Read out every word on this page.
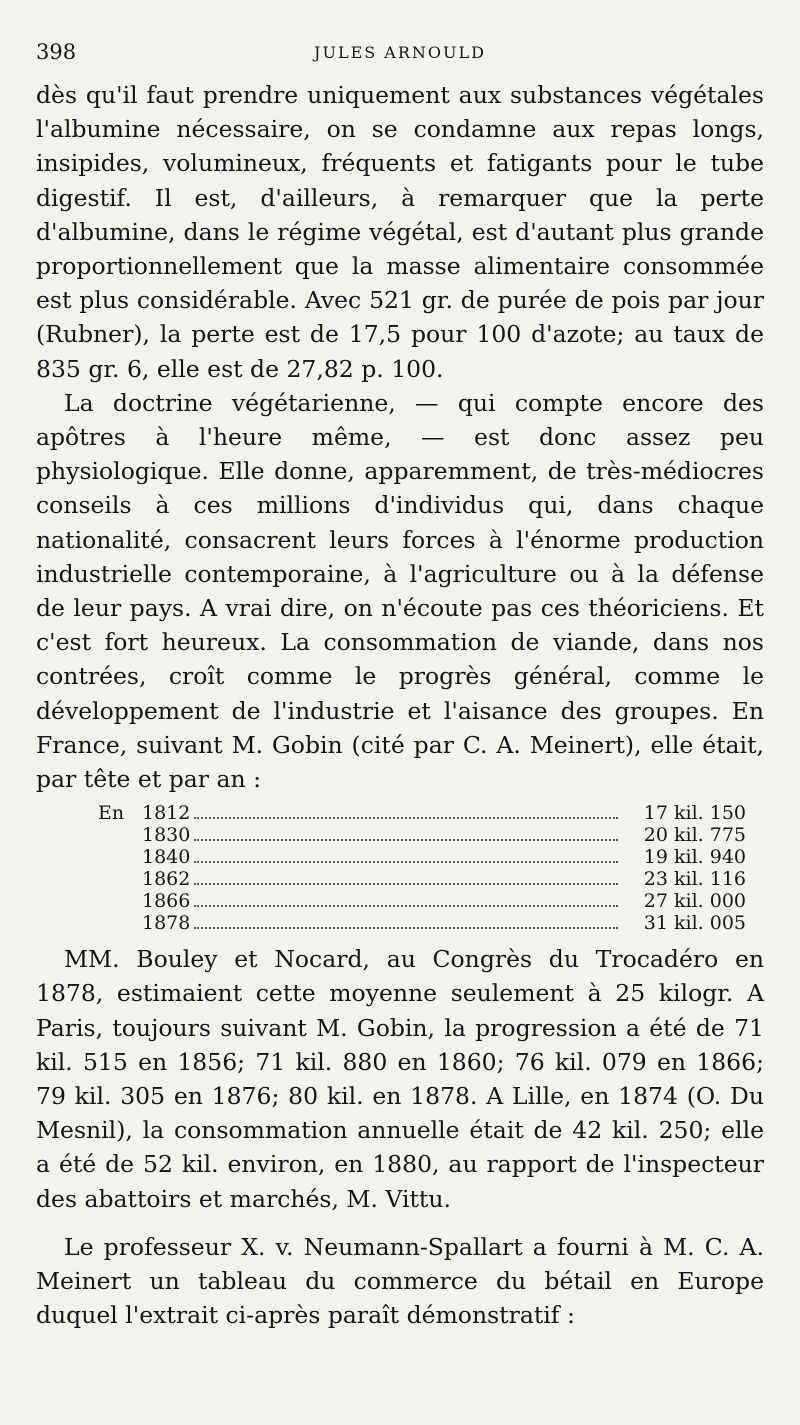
398	JULES ARNOULD

dès qu'il faut prendre uniquement aux substances végétales l'albumine nécessaire, on se condamne aux repas longs, insipides, volumineux, fréquents et fatigants pour le tube digestif. Il est, d'ailleurs, à remarquer que la perte d'albumine, dans le régime végétal, est d'autant plus grande proportionnellement que la masse alimentaire consommée est plus considérable. Avec 521 gr. de purée de pois par jour (Rubner), la perte est de 17,5 pour 100 d'azote; au taux de 835 gr. 6, elle est de 27,82 p. 100.

La doctrine végétarienne, — qui compte encore des apôtres à l'heure même, — est donc assez peu physiologique. Elle donne, apparemment, de très-médiocres conseils à ces millions d'individus qui, dans chaque nationalité, consacrent leurs forces à l'énorme production industrielle contemporaine, à l'agriculture ou à la défense de leur pays. A vrai dire, on n'écoute pas ces théoriciens. Et c'est fort heureux. La consommation de viande, dans nos contrées, croît comme le progrès général, comme le développement de l'industrie et l'aisance des groupes. En France, suivant M. Gobin (cité par C. A. Meinert), elle était, par tête et par an :

En 1812	17 kil. 150
1830	20 kil. 775
1840	19 kil. 940
1862	23 kil. 116
1866	27 kil. 000
1878	31 kil. 005

MM. Bouley et Nocard, au Congrès du Trocadéro en 1878, estimaient cette moyenne seulement à 25 kilogr. A Paris, toujours suivant M. Gobin, la progression a été de 71 kil. 515 en 1856; 71 kil. 880 en 1860; 76 kil. 079 en 1866; 79 kil. 305 en 1876; 80 kil. en 1878. A Lille, en 1874 (O. Du Mesnil), la consommation annuelle était de 42 kil. 250; elle a été de 52 kil. environ, en 1880, au rapport de l'inspecteur des abattoirs et marchés, M. Vittu.

Le professeur X. v. Neumann-Spallart a fourni à M. C. A. Meinert un tableau du commerce du bétail en Europe duquel l'extrait ci-après paraît démonstratif :
